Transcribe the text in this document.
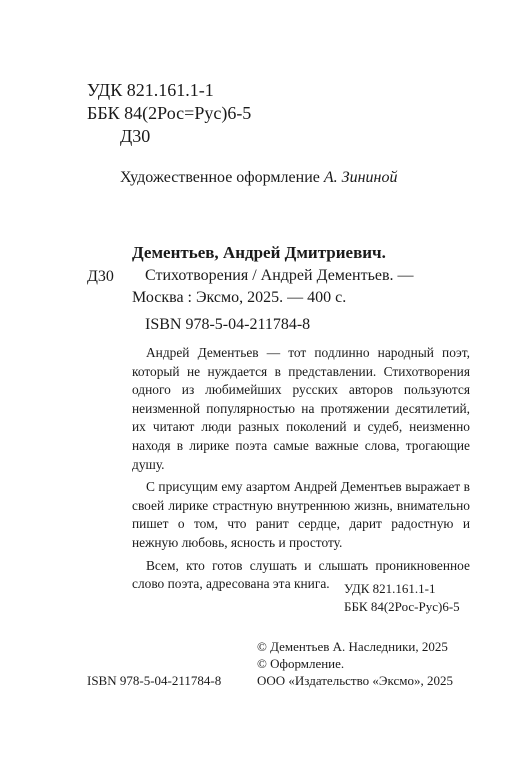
УДК 821.161.1-1
ББК 84(2Рос=Рус)6-5
Д30
Художественное оформление А. Зининой
Дементьев, Андрей Дмитриевич.
Д30 Стихотворения / Андрей Дементьев. —
Москва : Эксмо, 2025. — 400 с.
ISBN 978-5-04-211784-8

Андрей Дементьев — тот подлинно народный поэт, который не нуждается в представлении. Стихотворения одного из любимейших русских авторов пользуются неизменной популярностью на протяжении десятилетий, их читают люди разных поколений и судеб, неизменно находя в лирике поэта самые важные слова, трогающие душу.

С присущим ему азартом Андрей Дементьев выражает в своей лирике страстную внутреннюю жизнь, внимательно пишет о том, что ранит сердце, дарит радостную и нежную любовь, ясность и простоту.

Всем, кто готов слушать и слышать проникновенное слово поэта, адресована эта книга.	УДК 821.161.1-1
ББК 84(2Рос-Рус)6-5
© Дементьев А. Наследники, 2025
© Оформление.
ООО «Издательство «Эксмо», 2025
ISBN 978-5-04-211784-8
